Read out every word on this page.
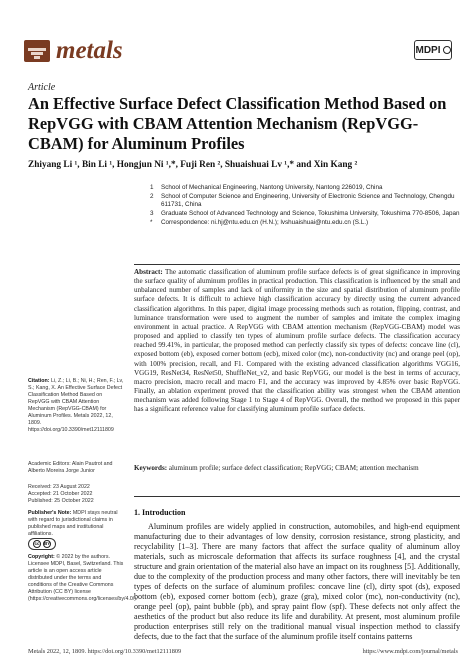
metals	MDPI
Article
An Effective Surface Defect Classification Method Based on RepVGG with CBAM Attention Mechanism (RepVGG-CBAM) for Aluminum Profiles
Zhiyang Li ¹, Bin Li ¹, Hongjun Ni ¹,*, Fuji Ren ², Shuaishuai Lv ¹,* and Xin Kang ²
1	School of Mechanical Engineering, Nantong University, Nantong 226019, China
2	School of Computer Science and Engineering, University of Electronic Science and Technology, Chengdu 611731, China
3	Graduate School of Advanced Technology and Science, Tokushima University, Tokushima 770-8506, Japan
*	Correspondence: ni.hj@ntu.edu.cn (H.N.); lvshuaishuai@ntu.edu.cn (S.L.)
Abstract: The automatic classification of aluminum profile surface defects is of great significance in improving the surface quality of aluminum profiles in practical production. This classification is influenced by the small and unbalanced number of samples and lack of uniformity in the size and spatial distribution of aluminum profile surface defects. It is difficult to achieve high classification accuracy by directly using the current advanced classification algorithms. In this paper, digital image processing methods such as rotation, flipping, contrast, and luminance transformation were used to augment the number of samples and imitate the complex imaging environment in actual practice. A RepVGG with CBAM attention mechanism (RepVGG-CBAM) model was proposed and applied to classify ten types of aluminum profile surface defects. The classification accuracy reached 99.41%, in particular, the proposed method can perfectly classify six types of defects: concave line (cl), exposed bottom (eb), exposed corner bottom (ecb), mixed color (mc), non-conductivity (nc) and orange peel (op), with 100% precision, recall, and F1. Compared with the existing advanced classification algorithms VGG16, VGG19, ResNet34, ResNet50, ShuffleNet_v2, and basic RepVGG, our model is the best in terms of accuracy, macro precision, macro recall and macro F1, and the accuracy was improved by 4.85% over basic RepVGG. Finally, an ablation experiment proved that the classification ability was strongest when the CBAM attention mechanism was added following Stage 1 to Stage 4 of RepVGG. Overall, the method we proposed in this paper has a significant reference value for classifying aluminum profile surface defects.
Keywords: aluminum profile; surface defect classification; RepVGG; CBAM; attention mechanism
Citation: Li, Z.; Li, B.; Ni, H.; Ren, F.; Lv, S.; Kang, X. An Effective Surface Defect Classification Method Based on RepVGG with CBAM Attention Mechanism (RepVGG-CBAM) for Aluminum Profiles. Metals 2022, 12, 1809. https://doi.org/10.3390/met12111809
Academic Editors: Alain Pautrot and Alberto Moreira Jorge Junior
Received: 23 August 2022
Accepted: 21 October 2022
Published: 25 October 2022
Publisher's Note: MDPI stays neutral with regard to jurisdictional claims in published maps and institutional affiliations.
cc	BY
Copyright: © 2022 by the authors. Licensee MDPI, Basel, Switzerland. This article is an open access article distributed under the terms and conditions of the Creative Commons Attribution (CC BY) license (https://creativecommons.org/licenses/by/4.0/).
1. Introduction
Aluminum profiles are widely applied in construction, automobiles, and high-end equipment manufacturing due to their advantages of low density, corrosion resistance, strong plasticity, and recyclability [1–3]. There are many factors that affect the surface quality of aluminum alloy materials, such as microscale deformation that affects its surface roughness [4], and the crystal structure and grain orientation of the material also have an impact on its roughness [5]. Additionally, due to the complexity of the production process and many other factors, there will inevitably be ten types of defects on the surface of aluminum profiles: concave line (cl), dirty spot (ds), exposed bottom (eb), exposed corner bottom (ecb), graze (gra), mixed color (mc), non-conductivity (nc), orange peel (op), paint bubble (pb), and spray paint flow (spf). These defects not only affect the aesthetics of the product but also reduce its life and durability. At present, most aluminum profile production enterprises still rely on the traditional manual visual inspection method to classify defects, due to the fact that the surface of the aluminum profile itself contains patterns
Metals 2022, 12, 1809. https://doi.org/10.3390/met12111809	https://www.mdpi.com/journal/metals
